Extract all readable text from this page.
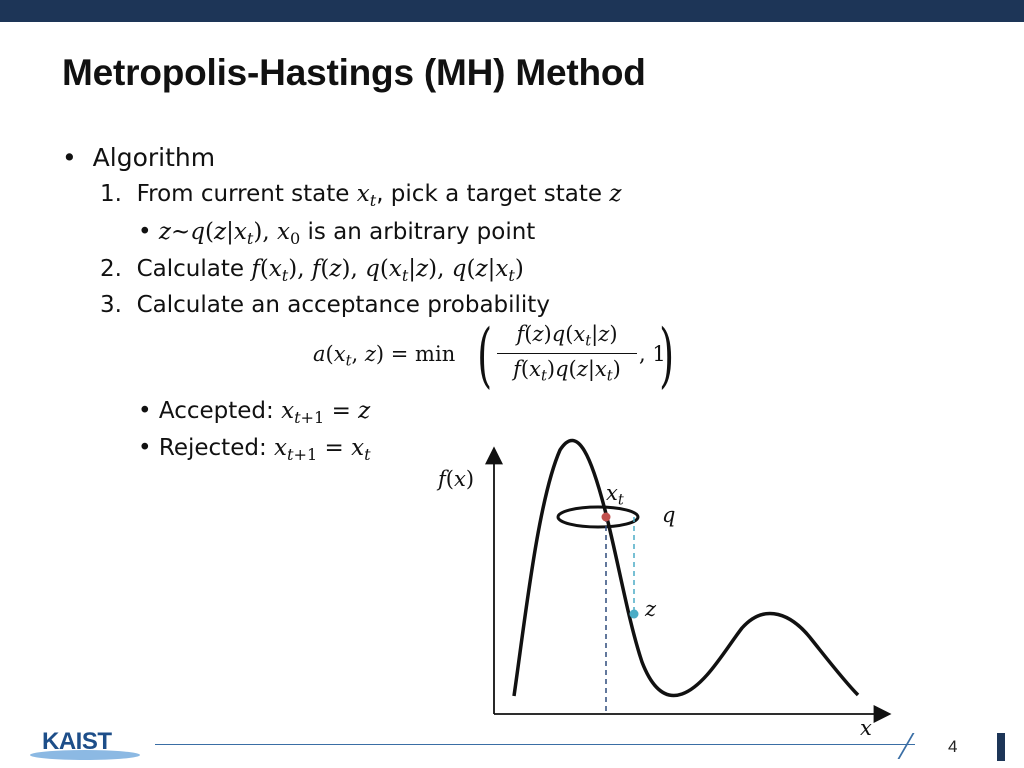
Metropolis-Hastings (MH) Method
• Algorithm
1. From current state $x_t$, pick a target state z
• $z\sim q(z|x_t)$, $x_0$ is an arbitrary point
2. Calculate $f(x_t)$, f(z), $q(x_t|z)$, $q(z|x_t)$
3. Calculate an acceptance probability
$a(x_t$, z) = min (	$f(z)q(x_t|z)$
$f(x_t)q(z|x_t)$
, 1
)
• Accepted: $x_{t+1} = z$
• Rejected: $x_{t+1} = x_t$
f(x)
$x_t$
q
z
x
KAIST	4
